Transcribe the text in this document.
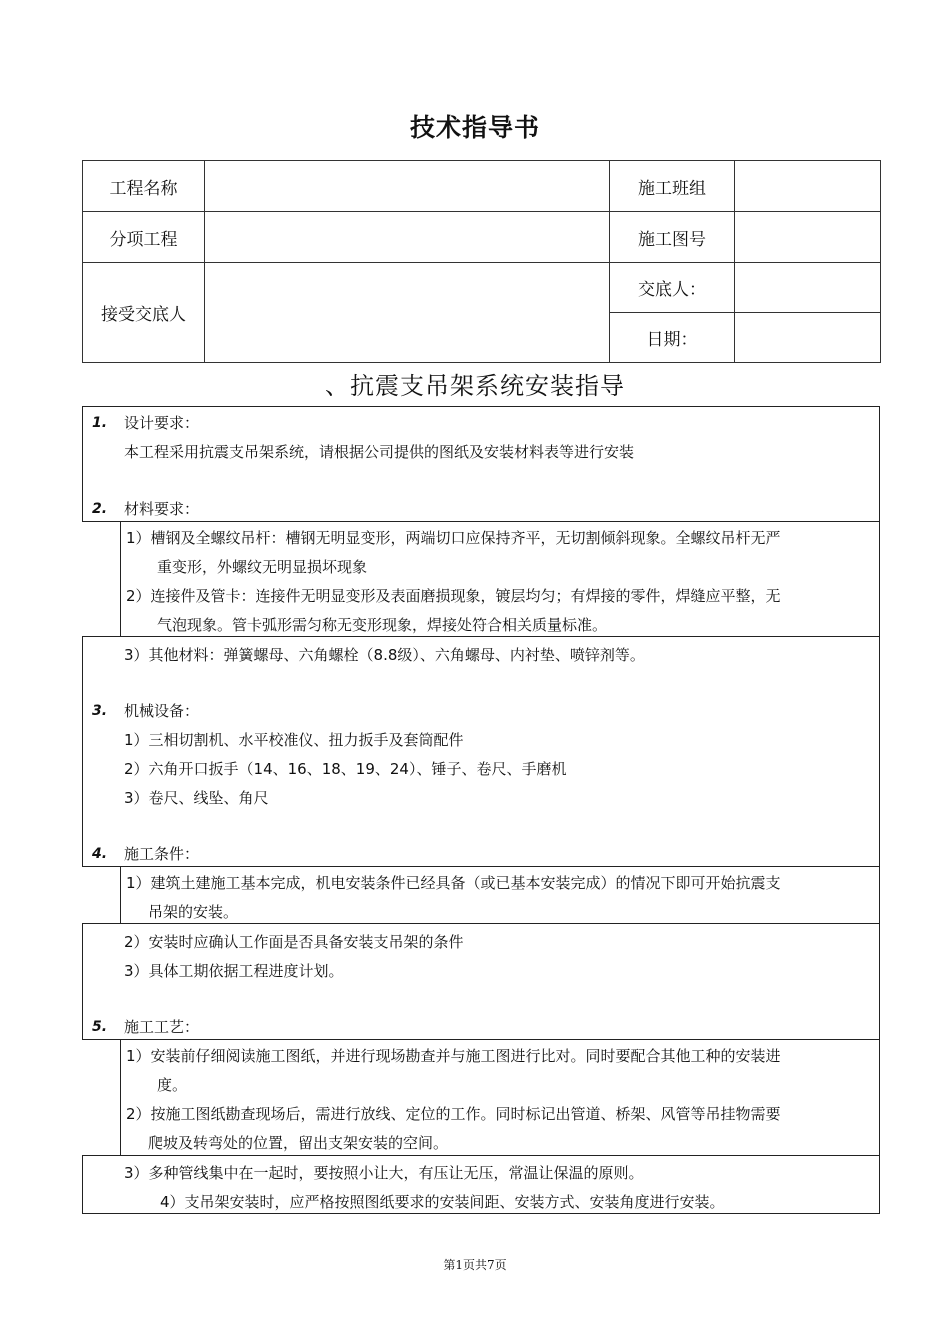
技术指导书
工程名称		施工班组	
分项工程		施工图号	
接受交底人		交底人：	
		日期：	
、抗震支吊架系统安装指导
1. 设计要求：
本工程采用抗震支吊架系统，请根据公司提供的图纸及安装材料表等进行安装
2. 材料要求：
1）槽钢及全螺纹吊杆：槽钢无明显变形，两端切口应保持齐平，无切割倾斜现象。全螺纹吊杆无严
重变形，外螺纹无明显损坏现象
2）连接件及管卡：连接件无明显变形及表面磨损现象，镀层均匀；有焊接的零件，焊缝应平整，无
气泡现象。管卡弧形需匀称无变形现象，焊接处符合相关质量标准。
3）其他材料：弹簧螺母、六角螺栓（8.8级）、六角螺母、内衬垫、喷锌剂等。
3. 机械设备：
1）三相切割机、水平校准仪、扭力扳手及套筒配件
2）六角开口扳手（14、16、18、19、24）、锤子、卷尺、手磨机
3）卷尺、线坠、角尺
4. 施工条件：
1）建筑土建施工基本完成，机电安装条件已经具备（或已基本安装完成）的情况下即可开始抗震支
吊架的安装。
2）安装时应确认工作面是否具备安装支吊架的条件
3）具体工期依据工程进度计划。
5. 施工工艺：
1）安装前仔细阅读施工图纸，并进行现场勘查并与施工图进行比对。同时要配合其他工种的安装进
度。
2）按施工图纸勘查现场后，需进行放线、定位的工作。同时标记出管道、桥架、风管等吊挂物需要
爬坡及转弯处的位置，留出支架安装的空间。
3）多种管线集中在一起时，要按照小让大，有压让无压，常温让保温的原则。
4）支吊架安装时，应严格按照图纸要求的安装间距、安装方式、安装角度进行安装。
第1页共7页
